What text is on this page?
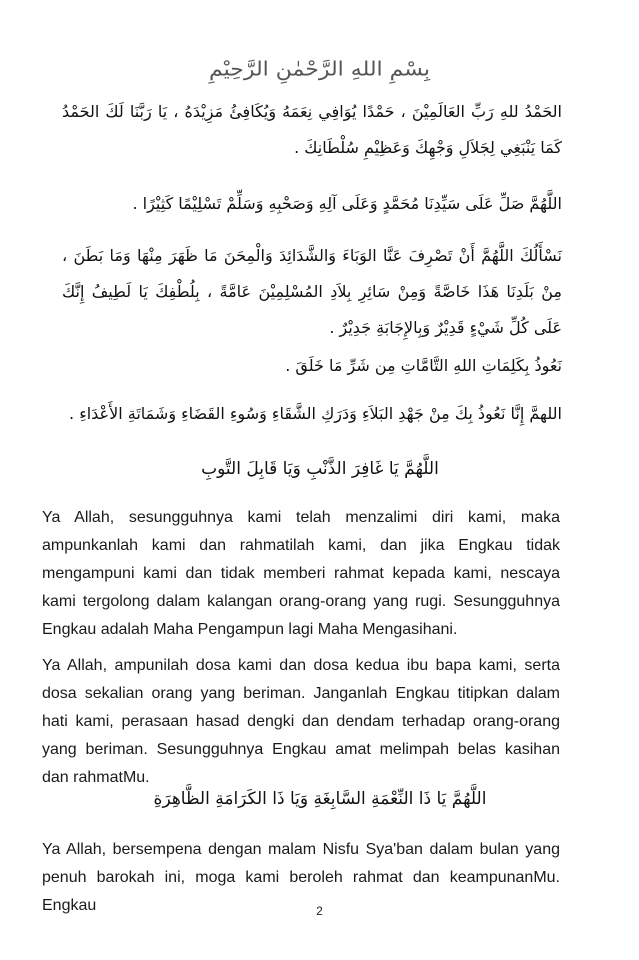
بِسْمِ اللهِ الرَّحْمٰنِ الرَّحِيْمِ
الحَمْدُ للهِ رَبِّ العَالَمِيْنَ ، حَمْدًا يُوَافِي نِعَمَهُ وَيُكَافِئُ مَزِيْدَهُ ، يَا رَبَّنَا لَكَ الحَمْدُ كَمَا يَنْبَغِي لِجَلاَلِ وَجْهِكَ وَعَظِيْمِ سُلْطَانِكَ .
اللَّهُمَّ صَلِّ عَلَى سَيِّدِنَا مُحَمَّدٍ وَعَلَى آلِهِ وَصَحْبِهِ وَسَلِّمْ تَسْلِيْمًا كَثِيْرًا .
نَسْأَلُكَ اللَّهُمَّ أَنْ تَصْرِفَ عَنَّا الوَبَاءَ وَالشَّدَائِدَ وَالْمِحَنَ مَا ظَهَرَ مِنْهَا وَمَا بَطَنَ ، مِنْ بَلَدِنَا هَذَا خَاصَّةً وَمِنْ سَائِرِ بِلاَدِ المُسْلِمِيْنَ عَامَّةً ، بِلُطْفِكَ يَا لَطِيفُ إِنَّكَ عَلَى كُلِّ شَيْءٍ قَدِيْرٌ وَبِالإِجَابَةِ جَدِيْرٌ .
نَعُوذُ بِكَلِمَاتِ اللهِ التَّامَّاتِ مِن شَرِّ مَا خَلَقَ .
اللهمَّ إِنَّا نَعُوذُ بِكَ مِنْ جَهْدِ البَلاَءِ وَدَرَكِ الشَّقَاءِ وَسُوءِ القَضَاءِ وَشَمَاتَةِ الأَعْدَاءِ .
اللَّهُمَّ يَا غَافِرَ الذَّنْبِ وَيَا قَابِلَ التَّوبِ
Ya Allah, sesungguhnya kami telah menzalimi diri kami, maka ampunkanlah kami dan rahmatilah kami, dan jika Engkau tidak mengampuni kami dan tidak memberi rahmat kepada kami, nescaya kami tergolong dalam kalangan orang-orang yang rugi. Sesungguhnya Engkau adalah Maha Pengampun lagi Maha Mengasihani.
Ya Allah, ampunilah dosa kami dan dosa kedua ibu bapa kami, serta dosa sekalian orang yang beriman. Janganlah Engkau titipkan dalam hati kami, perasaan hasad dengki dan dendam terhadap orang-orang yang beriman. Sesungguhnya Engkau amat melimpah belas kasihan dan rahmatMu.
اللَّهُمَّ يَا ذَا النِّعْمَةِ السَّابِغَةِ وَيَا ذَا الكَرَامَةِ الظَّاهِرَةِ
Ya Allah, bersempena dengan malam Nisfu Sya'ban dalam bulan yang penuh barokah ini, moga kami beroleh rahmat dan keampunanMu. Engkau	2
